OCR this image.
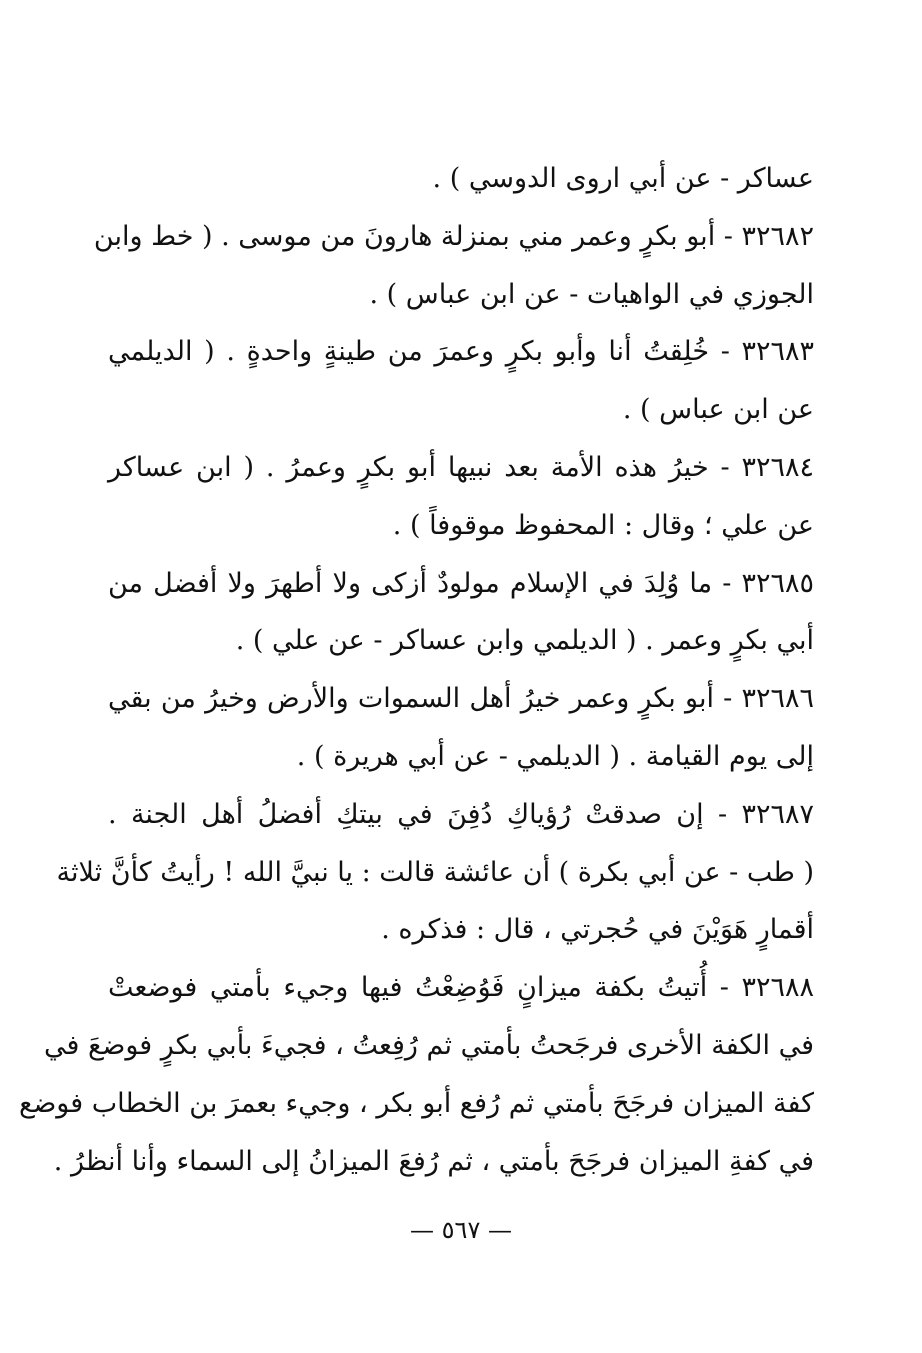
عساكر - عن أبي اروى الدوسي ) .
٣٢٦٨٢ - أبو بكرٍ وعمر مني بمنزلة هارونَ من موسى . ( خط وابن
الجوزي في الواهيات - عن ابن عباس ) .
٣٢٦٨٣ - خُلِقتُ أنا وأبو بكرٍ وعمرَ من طينةٍ واحدةٍ . ( الديلمي
عن ابن عباس ) .
٣٢٦٨٤ - خيرُ هذه الأمة بعد نبيها أبو بكرٍ وعمرُ . ( ابن عساكر
عن علي ؛ وقال : المحفوظ موقوفاً ) .
٣٢٦٨٥ - ما وُلِدَ في الإسلام مولودٌ أزكى ولا أطهرَ ولا أفضل من
أبي بكرٍ وعمر . ( الديلمي وابن عساكر - عن علي ) .
٣٢٦٨٦ - أبو بكرٍ وعمر خيرُ أهل السموات والأرض وخيرُ من بقي
إلى يوم القيامة . ( الديلمي - عن أبي هريرة ) .
٣٢٦٨٧ - إن صدقتْ رُؤياكِ دُفِنَ في بيتكِ أفضلُ أهل الجنة .
( طب - عن أبي بكرة ) أن عائشة قالت : يا نبيَّ الله ! رأيتُ كأنَّ ثلاثة
أقمارٍ هَوَيْنَ في حُجرتي ، قال : فذكره .
٣٢٦٨٨ - أُتيتُ بكفة ميزانٍ فَوُضِعْتُ فيها وجيء بأمتي فوضعتْ
في الكفة الأخرى فرجَحتُ بأمتي ثم رُفِعتُ ، فجيءَ بأبي بكرٍ فوضعَ في
كفة الميزان فرجَحَ بأمتي ثم رُفع أبو بكر ، وجيء بعمرَ بن الخطاب فوضع
في كفةِ الميزان فرجَحَ بأمتي ، ثم رُفعَ الميزانُ إلى السماء وأنا أنظرُ .
— ٥٦٧ —
